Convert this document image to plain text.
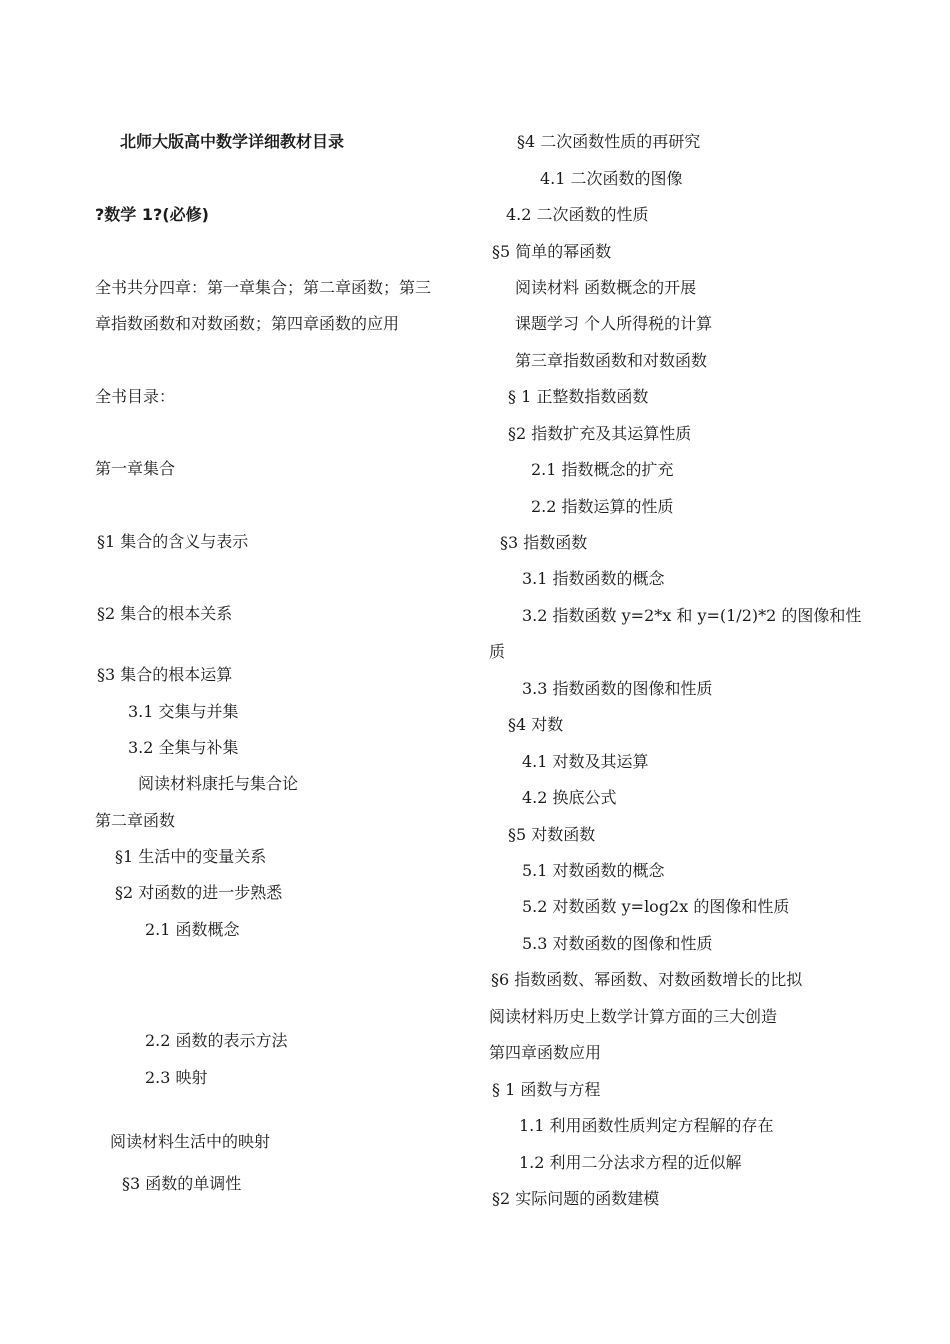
北师大版高中数学详细教材目录
?数学 1?(必修)
全书共分四章：第一章集合；第二章函数；第三
章指数函数和对数函数；第四章函数的应用
全书目录：
第一章集合
§1 集合的含义与表示
§2 集合的根本关系
§3 集合的根本运算
3.1 交集与并集
3.2 全集与补集
阅读材料康托与集合论
第二章函数
§1 生活中的变量关系
§2 对函数的进一步熟悉
2.1 函数概念
2.2 函数的表示方法
2.3 映射
阅读材料生活中的映射
§3 函数的单调性
§4 二次函数性质的再研究
4.1 二次函数的图像
4.2 二次函数的性质
§5 简单的幂函数
阅读材料 函数概念的开展
课题学习 个人所得税的计算
第三章指数函数和对数函数
§ 1 正整数指数函数
§2 指数扩充及其运算性质
2.1 指数概念的扩充
2.2 指数运算的性质
§3 指数函数
3.1 指数函数的概念
3.2 指数函数 y=2*x 和 y=(1/2)*2 的图像和性
质
3.3 指数函数的图像和性质
§4 对数
4.1 对数及其运算
4.2 换底公式
§5 对数函数
5.1 对数函数的概念
5.2 对数函数 y=log2x 的图像和性质
5.3 对数函数的图像和性质
§6 指数函数、幂函数、对数函数增长的比拟
阅读材料历史上数学计算方面的三大创造
第四章函数应用
§ 1 函数与方程
1.1 利用函数性质判定方程解的存在
1.2 利用二分法求方程的近似解
§2 实际问题的函数建模
